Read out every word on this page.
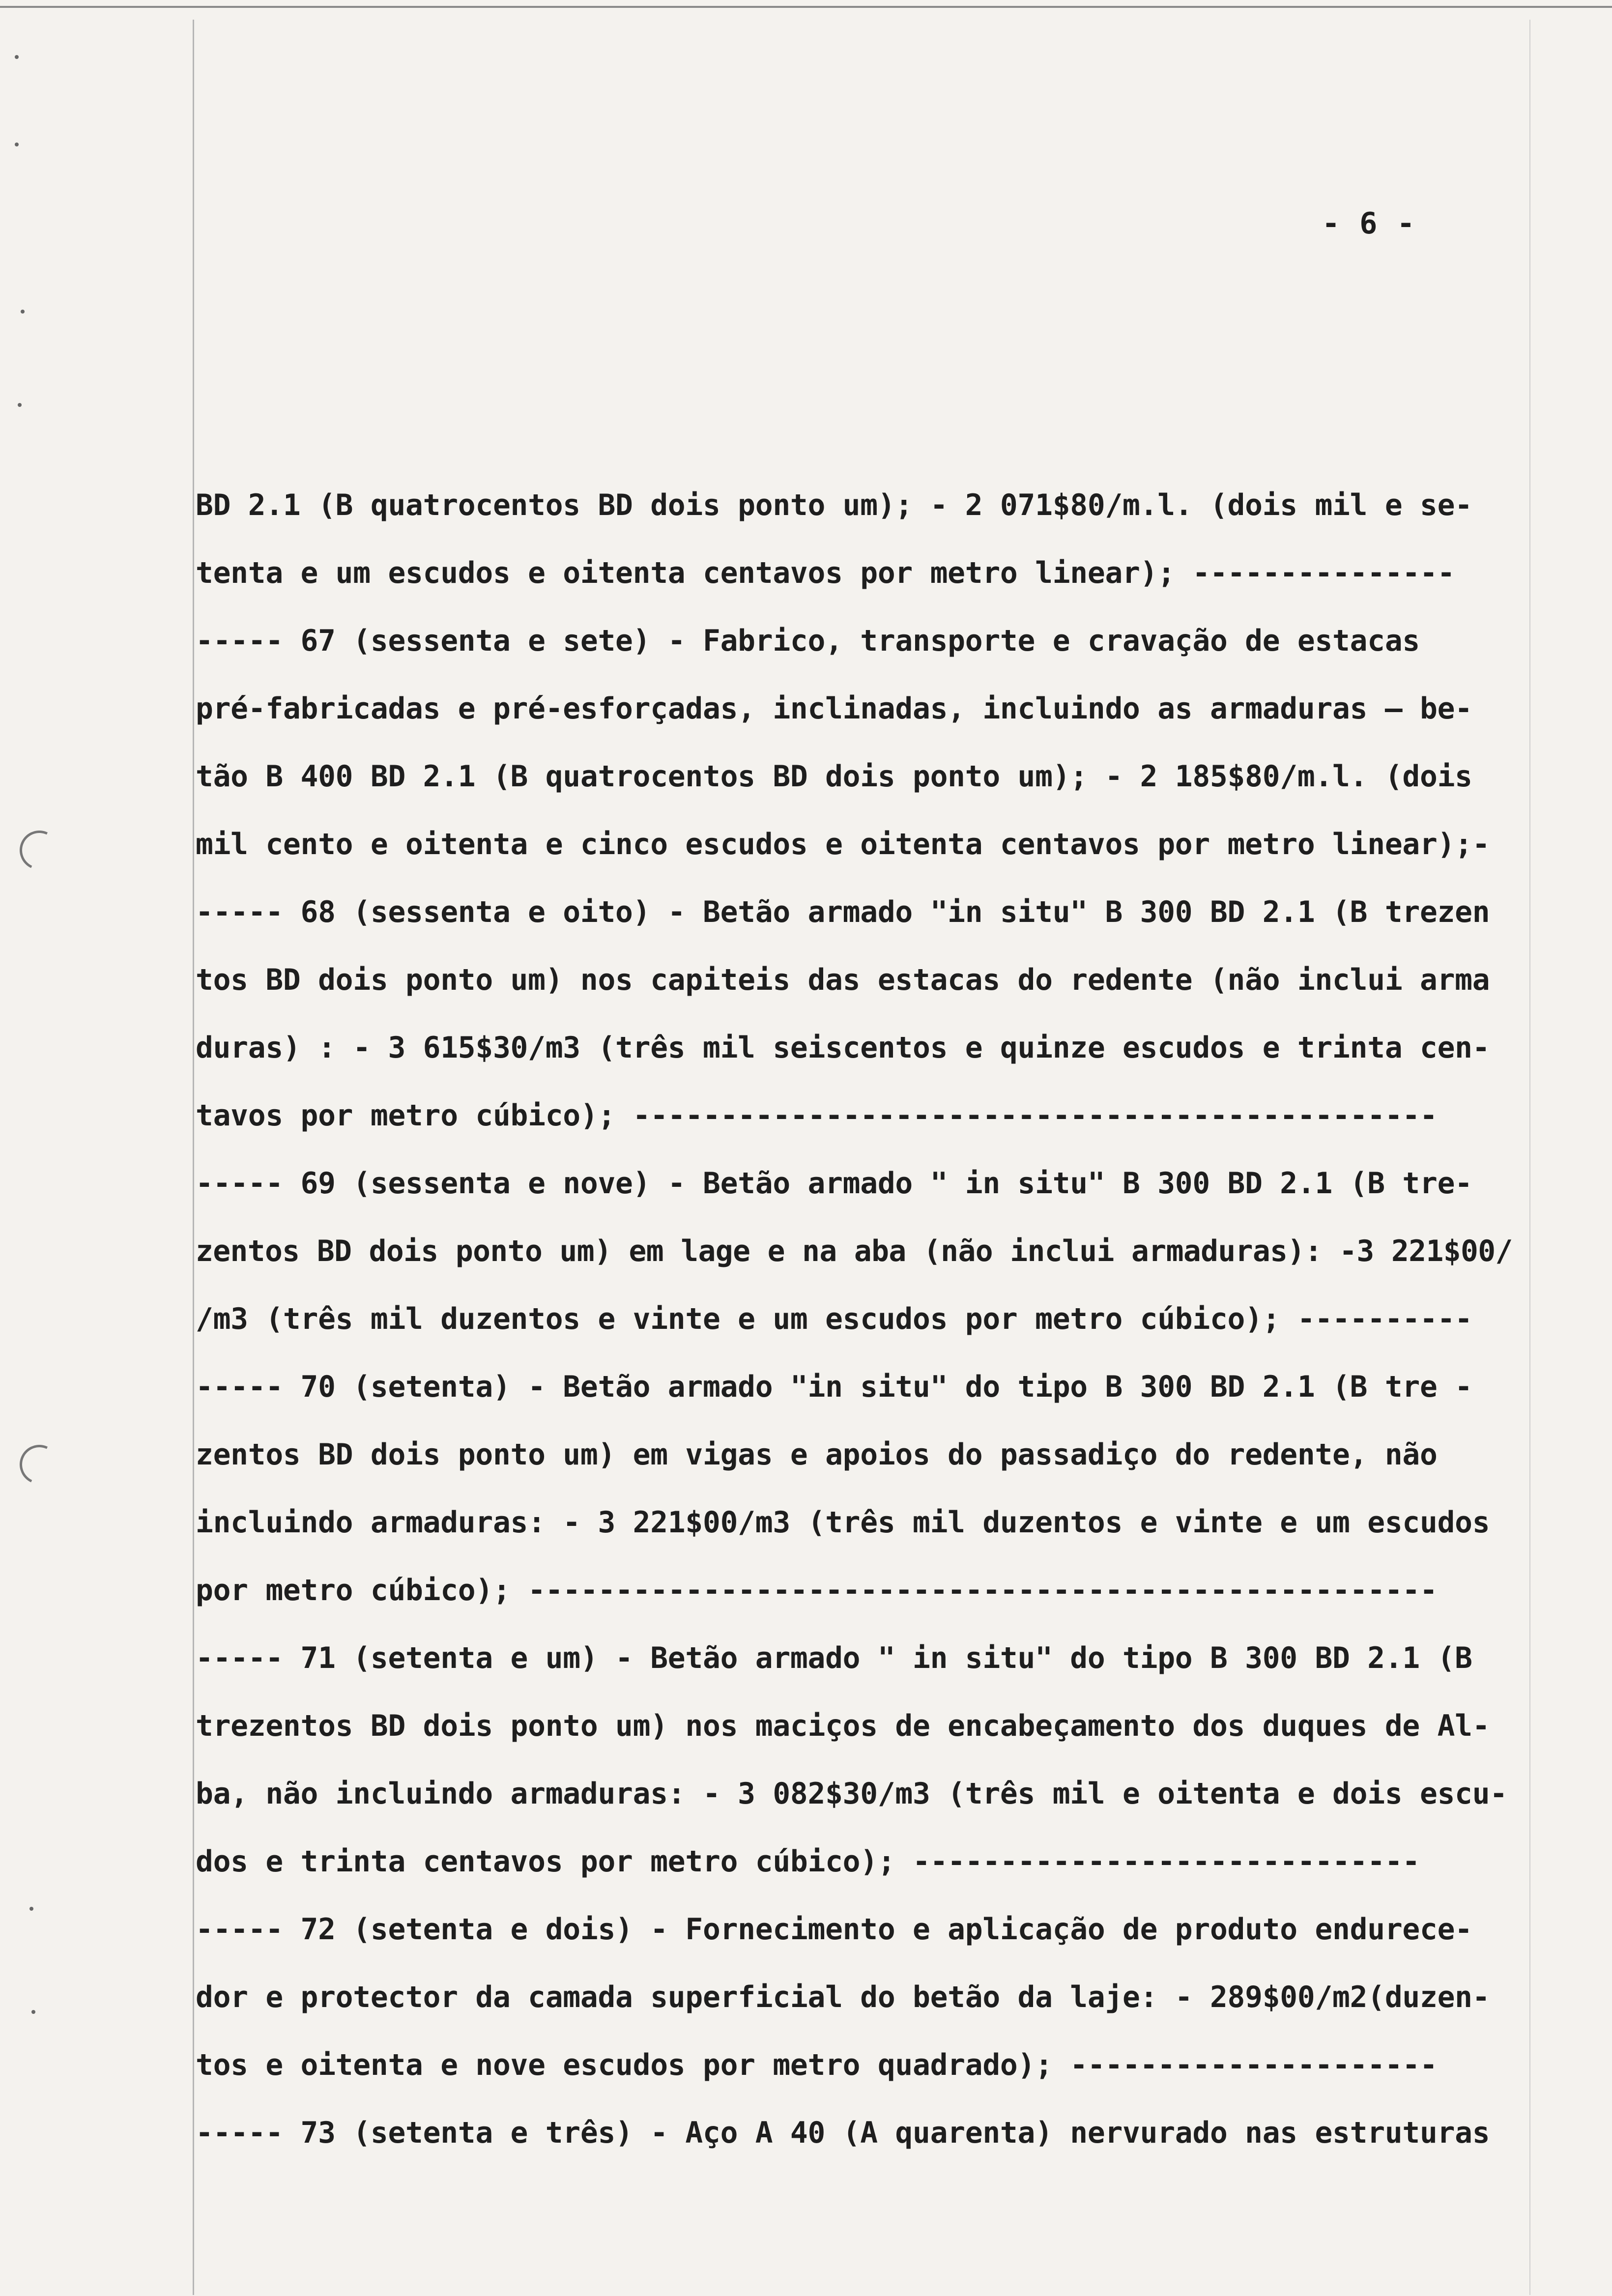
- 6 -
BD 2.1 (B quatrocentos BD dois ponto um); - 2 071$80/m.l. (dois mil e se-
tenta e um escudos e oitenta centavos por metro linear); ---------------
----- 67 (sessenta e sete) - Fabrico, transporte e cravação de estacas
pré-fabricadas e pré-esforçadas, inclinadas, incluindo as armaduras — be-
tão B 400 BD 2.1 (B quatrocentos BD dois ponto um); - 2 185$80/m.l. (dois
mil cento e oitenta e cinco escudos e oitenta centavos por metro linear);-
----- 68 (sessenta e oito) - Betão armado "in situ" B 300 BD 2.1 (B trezen
tos BD dois ponto um) nos capiteis das estacas do redente (não inclui arma
duras) : - 3 615$30/m3 (três mil seiscentos e quinze escudos e trinta cen-
tavos por metro cúbico); ----------------------------------------------
----- 69 (sessenta e nove) - Betão armado " in situ" B 300 BD 2.1 (B tre-
zentos BD dois ponto um) em lage e na aba (não inclui armaduras): -3 221$00/
/m3 (três mil duzentos e vinte e um escudos por metro cúbico); ----------
----- 70 (setenta) - Betão armado "in situ" do tipo B 300 BD 2.1 (B tre -
zentos BD dois ponto um) em vigas e apoios do passadiço do redente, não
incluindo armaduras: - 3 221$00/m3 (três mil duzentos e vinte e um escudos
por metro cúbico); ----------------------------------------------------
----- 71 (setenta e um) - Betão armado " in situ" do tipo B 300 BD 2.1 (B
trezentos BD dois ponto um) nos maciços de encabeçamento dos duques de Al-
ba, não incluindo armaduras: - 3 082$30/m3 (três mil e oitenta e dois escu-
dos e trinta centavos por metro cúbico); -----------------------------
----- 72 (setenta e dois) - Fornecimento e aplicação de produto endurece-
dor e protector da camada superficial do betão da laje: - 289$00/m2(duzen-
tos e oitenta e nove escudos por metro quadrado); ---------------------
----- 73 (setenta e três) - Aço A 40 (A quarenta) nervurado nas estruturas
